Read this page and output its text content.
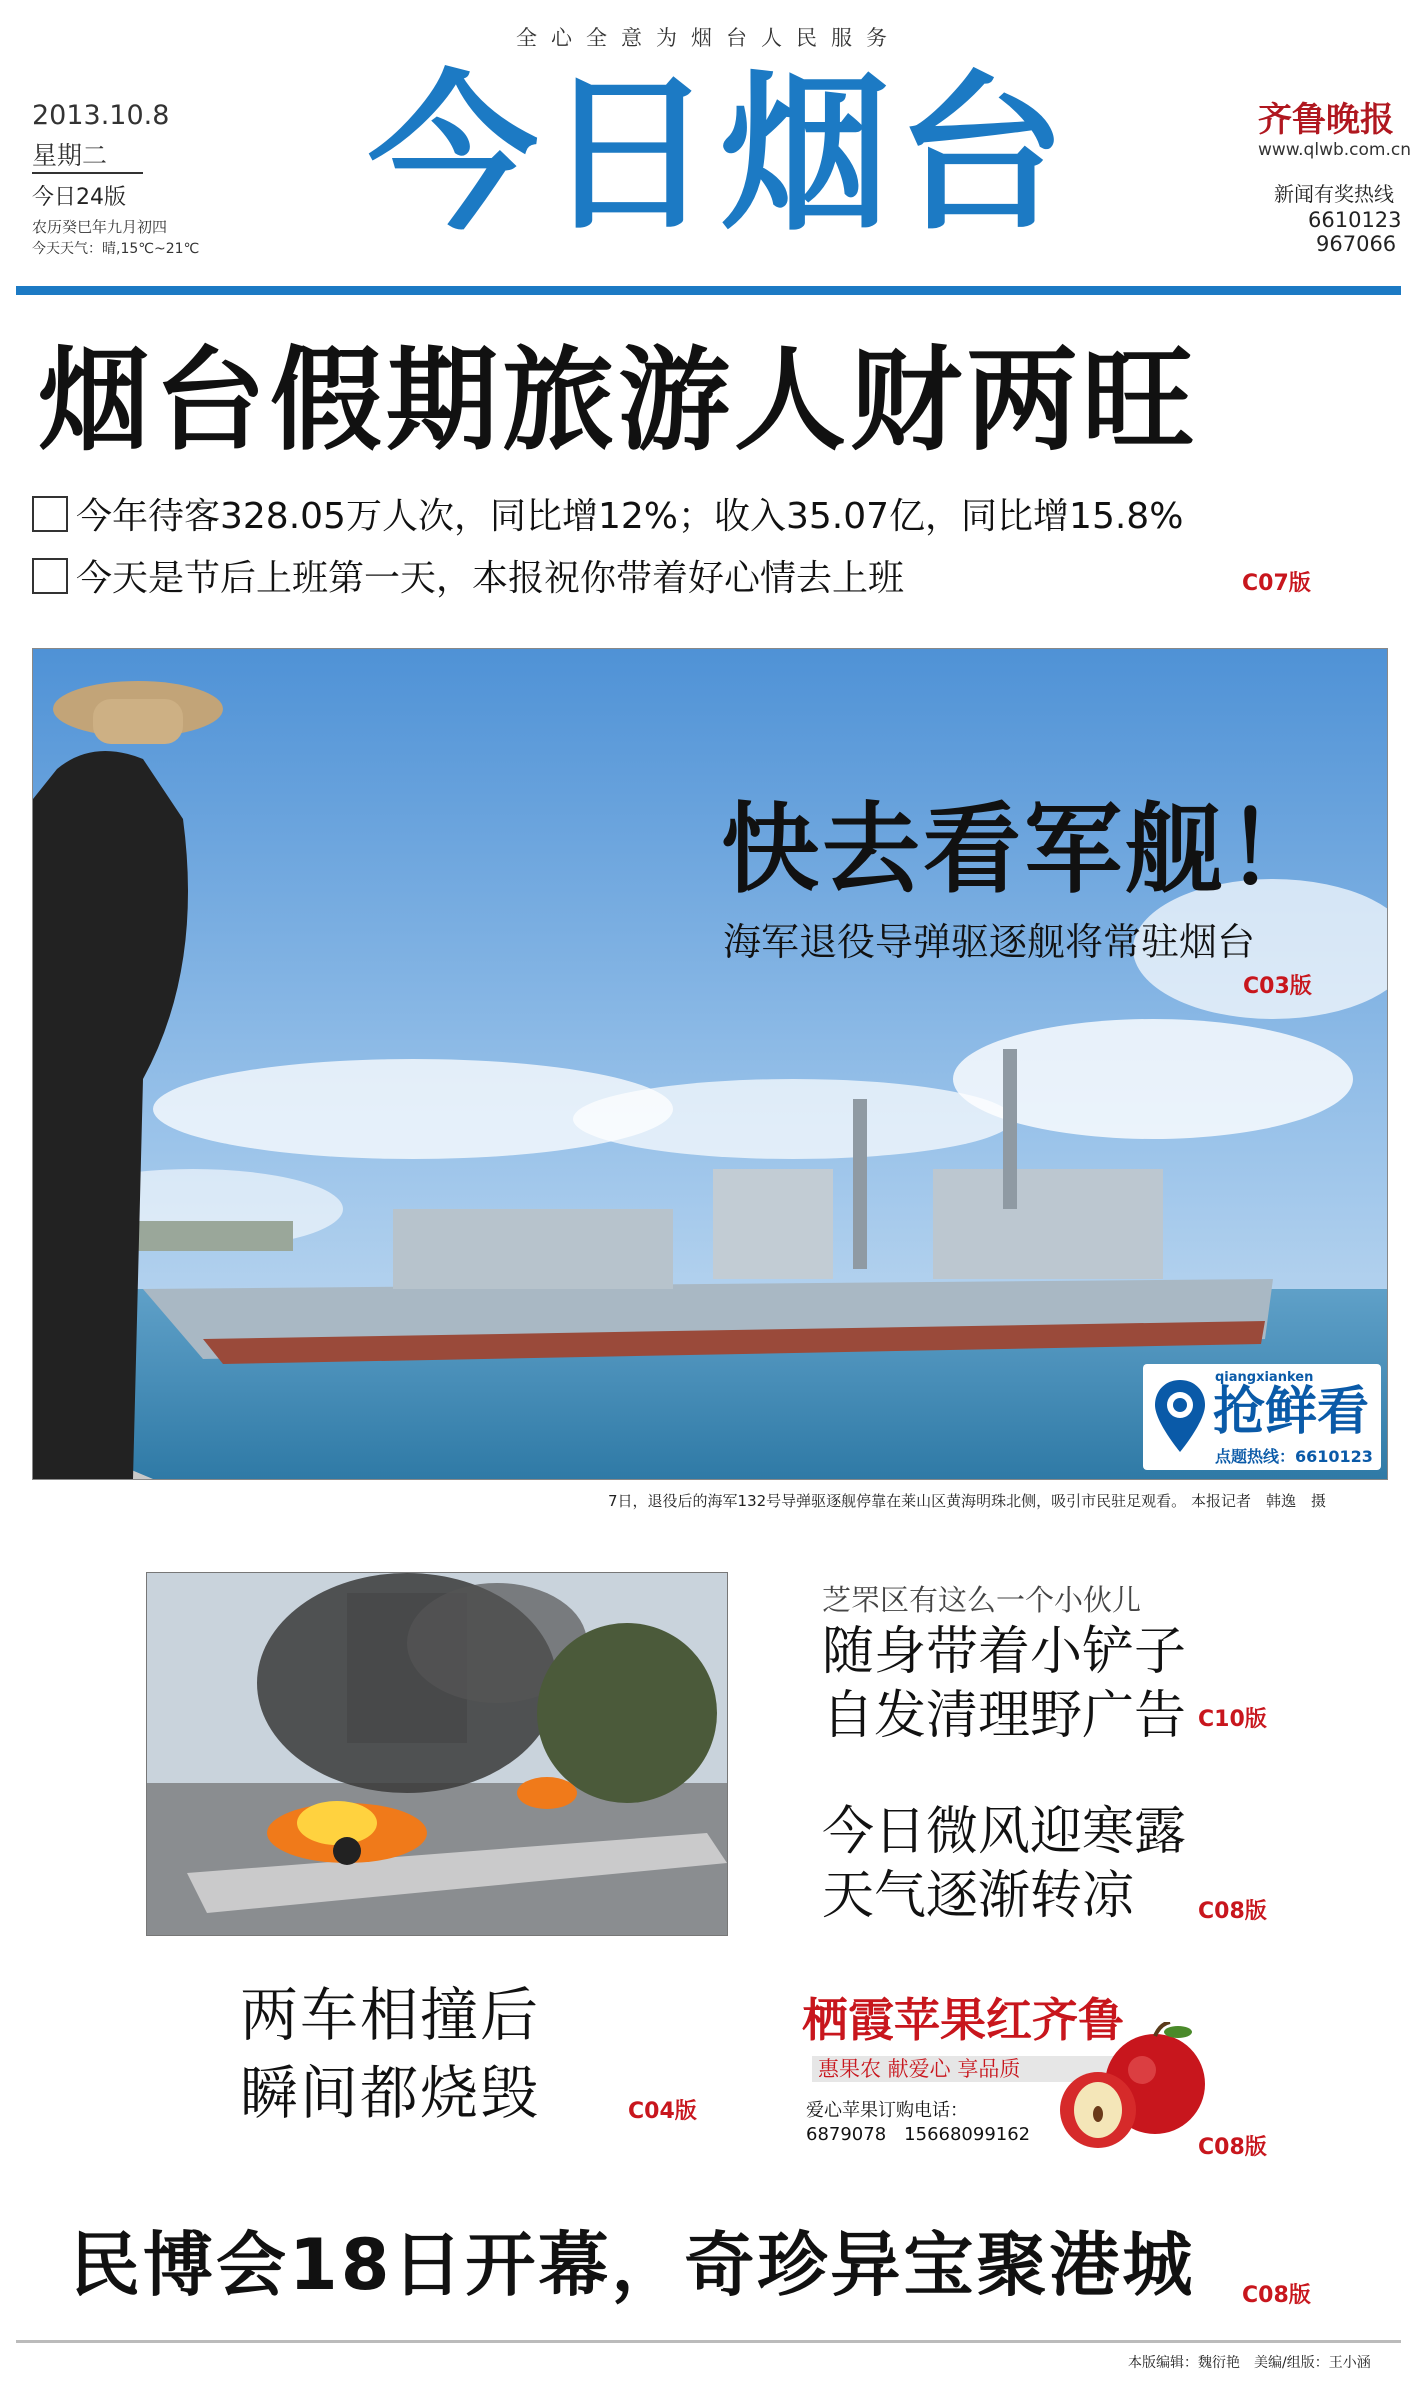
全心全意为烟台人民服务
2013.10.8
星期二
今日24版
农历癸巳年九月初四
今天天气：晴,15℃~21℃ 今日烟台	齐鲁晚报
www.qlwb.com.cn
新闻有奖热线
6610123
967066
烟台假期旅游人财两旺
今年待客328.05万人次，同比增12%；收入35.07亿，同比增15.8%
今天是节后上班第一天，本报祝你带着好心情去上班	C07版
快去看军舰！
海军退役导弹驱逐舰将常驻烟台
C03版
qiangxianken
抢鲜看
点题热线：6610123
7日，退役后的海军132号导弹驱逐舰停靠在莱山区黄海明珠北侧，吸引市民驻足观看。 本报记者　韩逸　摄
芝罘区有这么一个小伙儿
随身带着小铲子
自发清理野广告 C10版
今日微风迎寒露
天气逐渐转凉	C08版
两车相撞后
瞬间都烧毁	C04版
栖霞苹果红齐鲁
惠果农 献爱心 享品质
爱心苹果订购电话：
6879078　15668099162
C08版
民博会18日开幕，奇珍异宝聚港城 C08版
本版编辑：魏衍艳　美编/组版：王小涵
